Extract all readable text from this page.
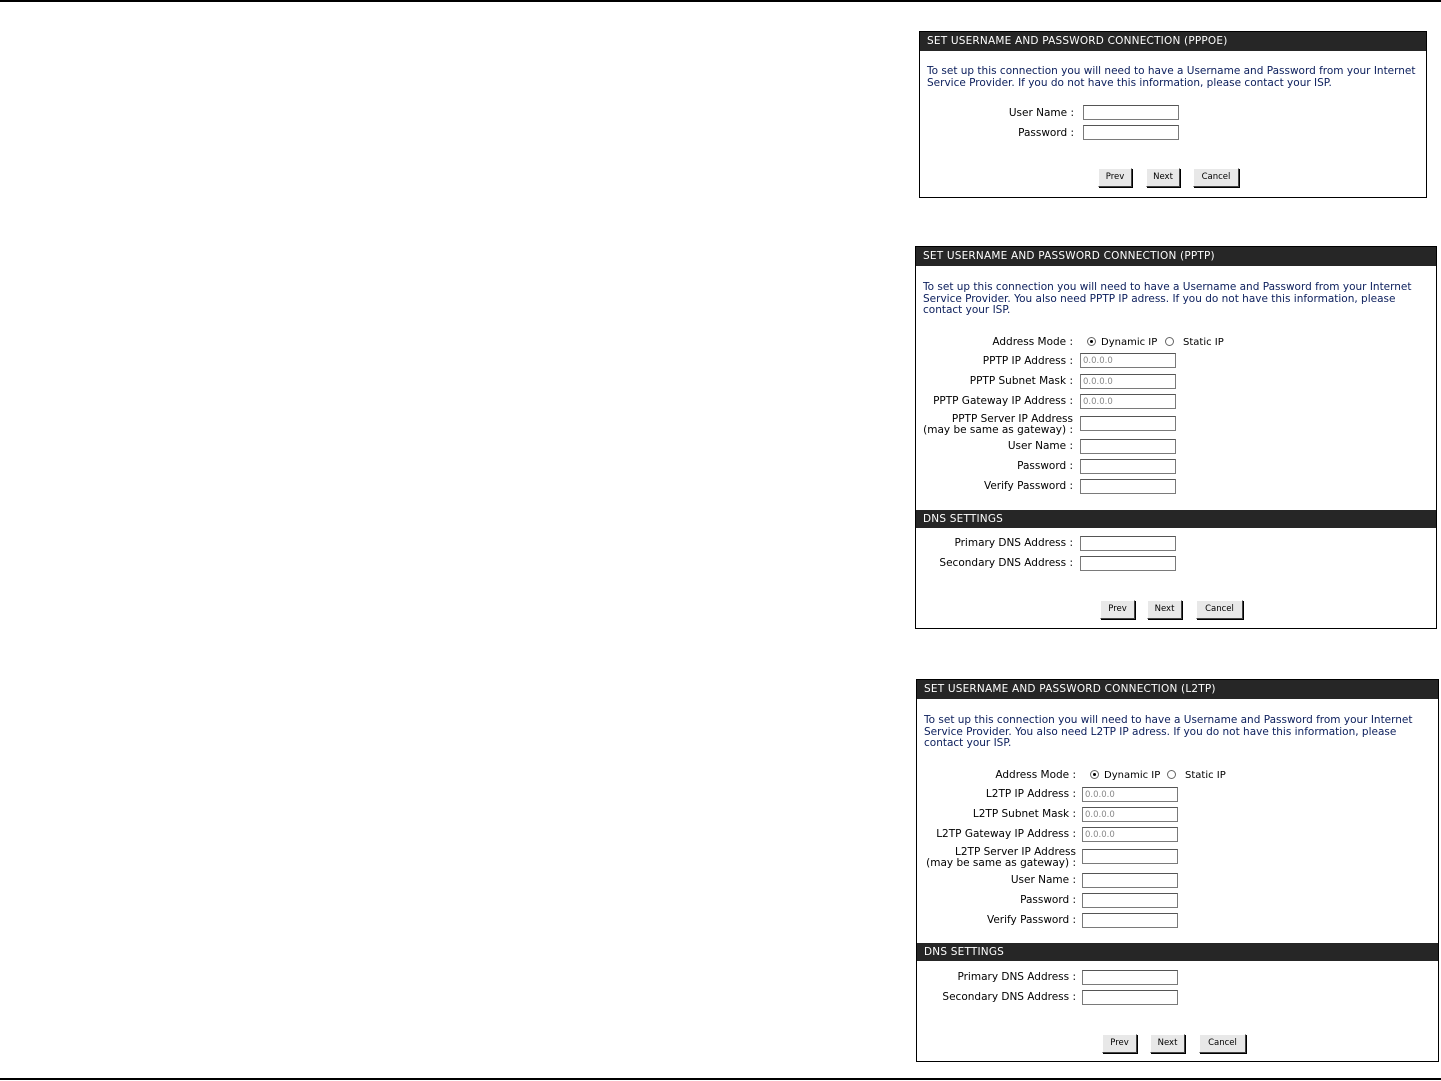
SET USERNAME AND PASSWORD CONNECTION (PPPOE)
To set up this connection you will need to have a Username and Password from your Internet Service Provider. If you do not have this information, please contact your ISP.
User Name :
Password :
Prev	Next	Cancel
SET USERNAME AND PASSWORD CONNECTION (PPTP)
To set up this connection you will need to have a Username and Password from your Internet Service Provider. You also need PPTP IP adress. If you do not have this information, please contact your ISP.
Address Mode :	Dynamic IP	Static IP
PPTP IP Address :
0.0.0.0
PPTP Subnet Mask :
0.0.0.0
PPTP Gateway IP Address :
0.0.0.0
PPTP Server IP Address
(may be same as gateway) :
User Name :
Password :
Verify Password :
DNS SETTINGS
Primary DNS Address :
Secondary DNS Address :
Prev	Next	Cancel
SET USERNAME AND PASSWORD CONNECTION (L2TP)
To set up this connection you will need to have a Username and Password from your Internet Service Provider. You also need L2TP IP adress. If you do not have this information, please contact your ISP.
Address Mode :	Dynamic IP Static IP
L2TP IP Address :
0.0.0.0
L2TP Subnet Mask :
0.0.0.0
L2TP Gateway IP Address :
0.0.0.0
L2TP Server IP Address
(may be same as gateway) :
User Name :
Password :
Verify Password :
DNS SETTINGS
Primary DNS Address :
Secondary DNS Address :
Prev	Next	Cancel
